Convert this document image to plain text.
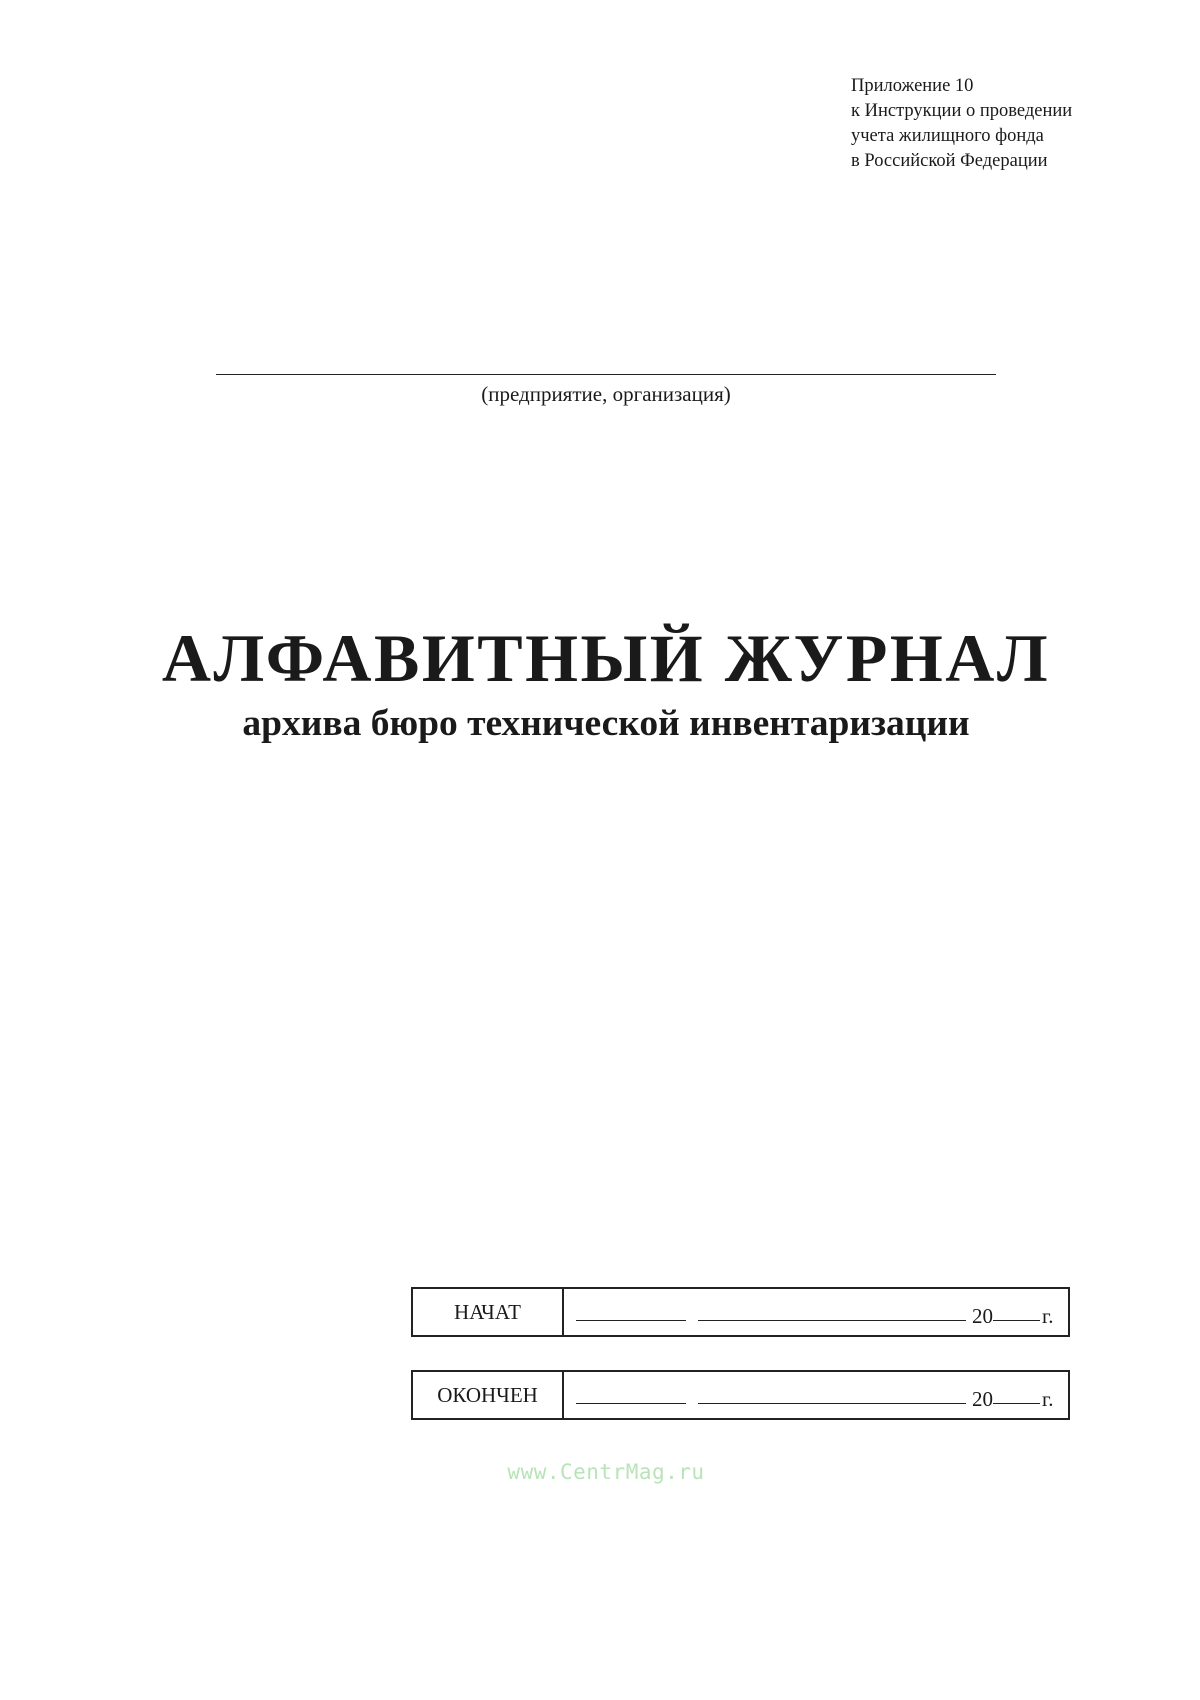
Приложение 10
к Инструкции о проведении
учета жилищного фонда
в Российской Федерации
(предприятие, организация)
АЛФАВИТНЫЙ ЖУРНАЛ
архива бюро технической инвентаризации
НАЧАТ	20 г.
ОКОНЧЕН	20 г.
www.CentrMag.ru
